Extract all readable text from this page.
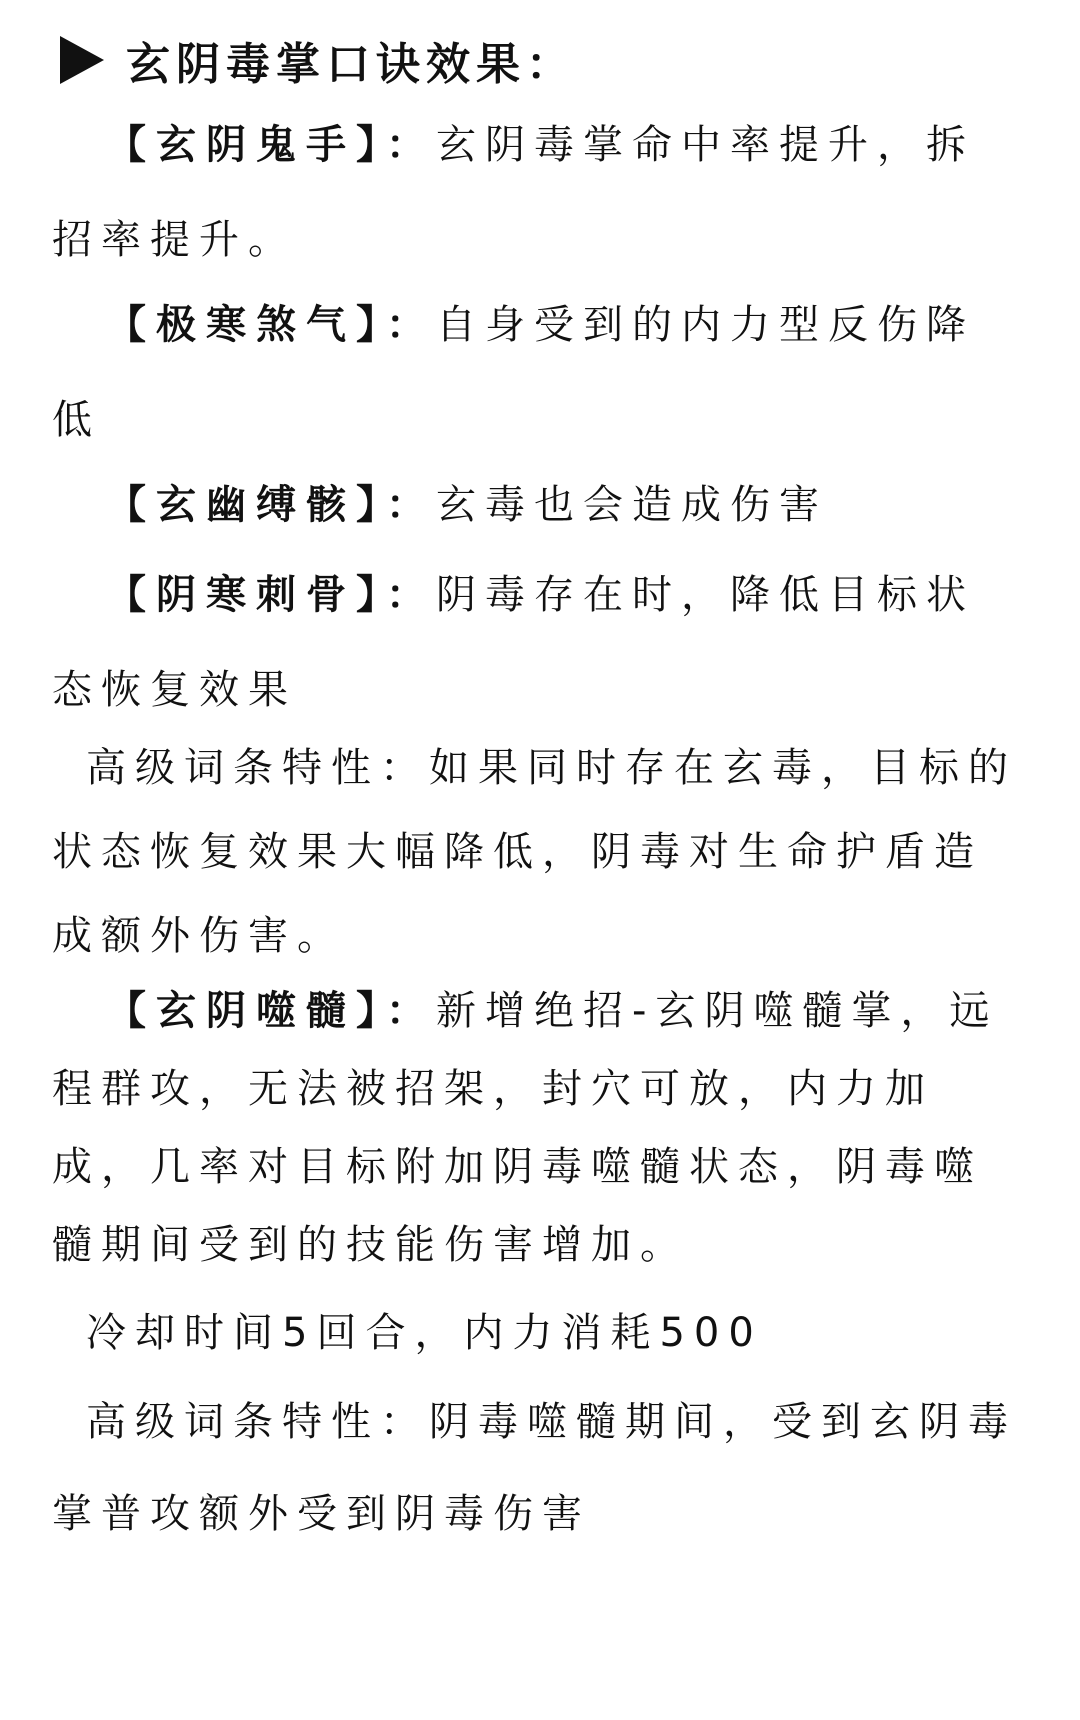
玄阴毒掌口诀效果：
【玄阴鬼手】：玄阴毒掌命中率提升，拆招率提升。
【极寒煞气】：自身受到的内力型反伤降低
【玄幽缚骸】：玄毒也会造成伤害
【阴寒刺骨】：阴毒存在时，降低目标状态恢复效果
高级词条特性：如果同时存在玄毒，目标的状态恢复效果大幅降低，阴毒对生命护盾造成额外伤害。
【玄阴噬髓】：新增绝招-玄阴噬髓掌，远程群攻，无法被招架，封穴可放，内力加成，几率对目标附加阴毒噬髓状态，阴毒噬髓期间受到的技能伤害增加。
冷却时间5回合，内力消耗500
高级词条特性：阴毒噬髓期间，受到玄阴毒掌普攻额外受到阴毒伤害
